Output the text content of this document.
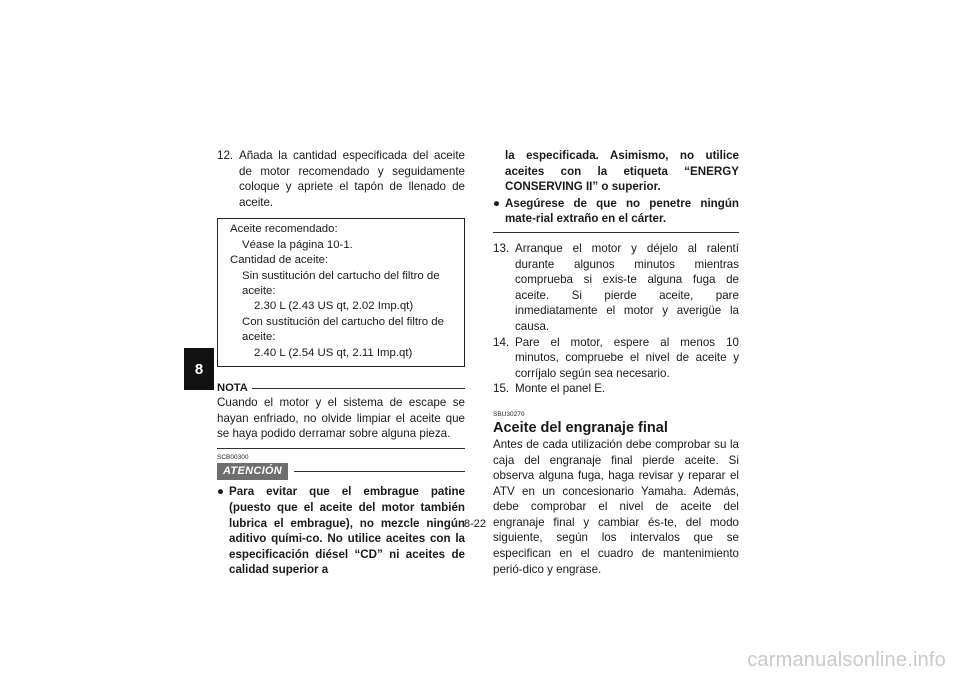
8
12. Añada la cantidad especificada del aceite de motor recomendado y seguidamente coloque y apriete el tapón de llenado de aceite.
Aceite recomendado:
Véase la página 10-1.
Cantidad de aceite:
Sin sustitución del cartucho del filtro de aceite:
2.30 L (2.43 US qt, 2.02 Imp.qt)
Con sustitución del cartucho del filtro de aceite:
2.40 L (2.54 US qt, 2.11 Imp.qt)
NOTA
Cuando el motor y el sistema de escape se hayan enfriado, no olvide limpiar el aceite que se haya podido derramar sobre alguna pieza.
SCB00300
ATENCIÓN
● Para evitar que el embrague patine (puesto que el aceite del motor también lubrica el embrague), no mezcle ningún aditivo quími-co. No utilice aceites con la especificación diésel “CD” ni aceites de calidad superior a
la especificada. Asimismo, no utilice aceites con la etiqueta “ENERGY CONSERVING II” o superior.
● Asegúrese de que no penetre ningún mate-rial extraño en el cárter.
13. Arranque el motor y déjelo al ralentí durante algunos minutos mientras comprueba si exis-te alguna fuga de aceite. Si pierde aceite, pare inmediatamente el motor y averigüe la causa.
14. Pare el motor, espere al menos 10 minutos, compruebe el nivel de aceite y corríjalo según sea necesario.
15. Monte el panel E.
SBU30270
Aceite del engranaje final
Antes de cada utilización debe comprobar su la caja del engranaje final pierde aceite. Si observa alguna fuga, haga revisar y reparar el ATV en un concesionario Yamaha. Además, debe comprobar el nivel de aceite del engranaje final y cambiar és-te, del modo siguiente, según los intervalos que se especifican en el cuadro de mantenimiento perió-dico y engrase.
8-22
carmanualsonline.info
